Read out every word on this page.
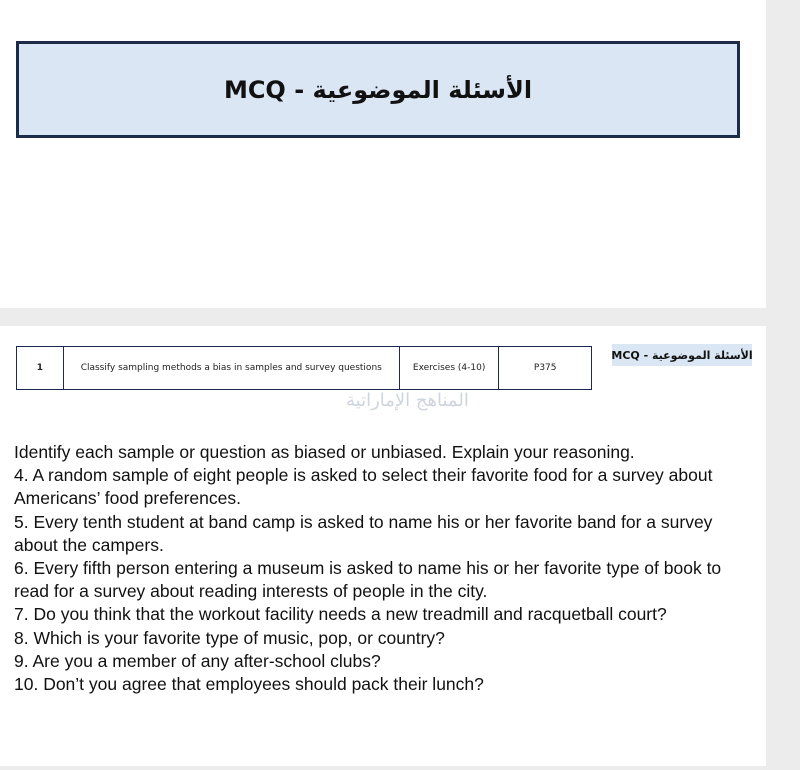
الأسئلة الموضوعية - MCQ
1	Classify sampling methods a bias in samples and survey questions	Exercises (4-10)	P375
الأسئلة الموضوعية - MCQ
المناهج الإماراتية

Identify each sample or question as biased or unbiased. Explain your reasoning.

4. A random sample of eight people is asked to select their favorite food for a survey about Americans’ food preferences.

5. Every tenth student at band camp is asked to name his or her favorite band for a survey about the campers.

6. Every fifth person entering a museum is asked to name his or her favorite type of book to read for a survey about reading interests of people in the city.

7. Do you think that the workout facility needs a new treadmill and racquetball court?

8. Which is your favorite type of music, pop, or country?

9. Are you a member of any after-school clubs?

10. Don’t you agree that employees should pack their lunch?
